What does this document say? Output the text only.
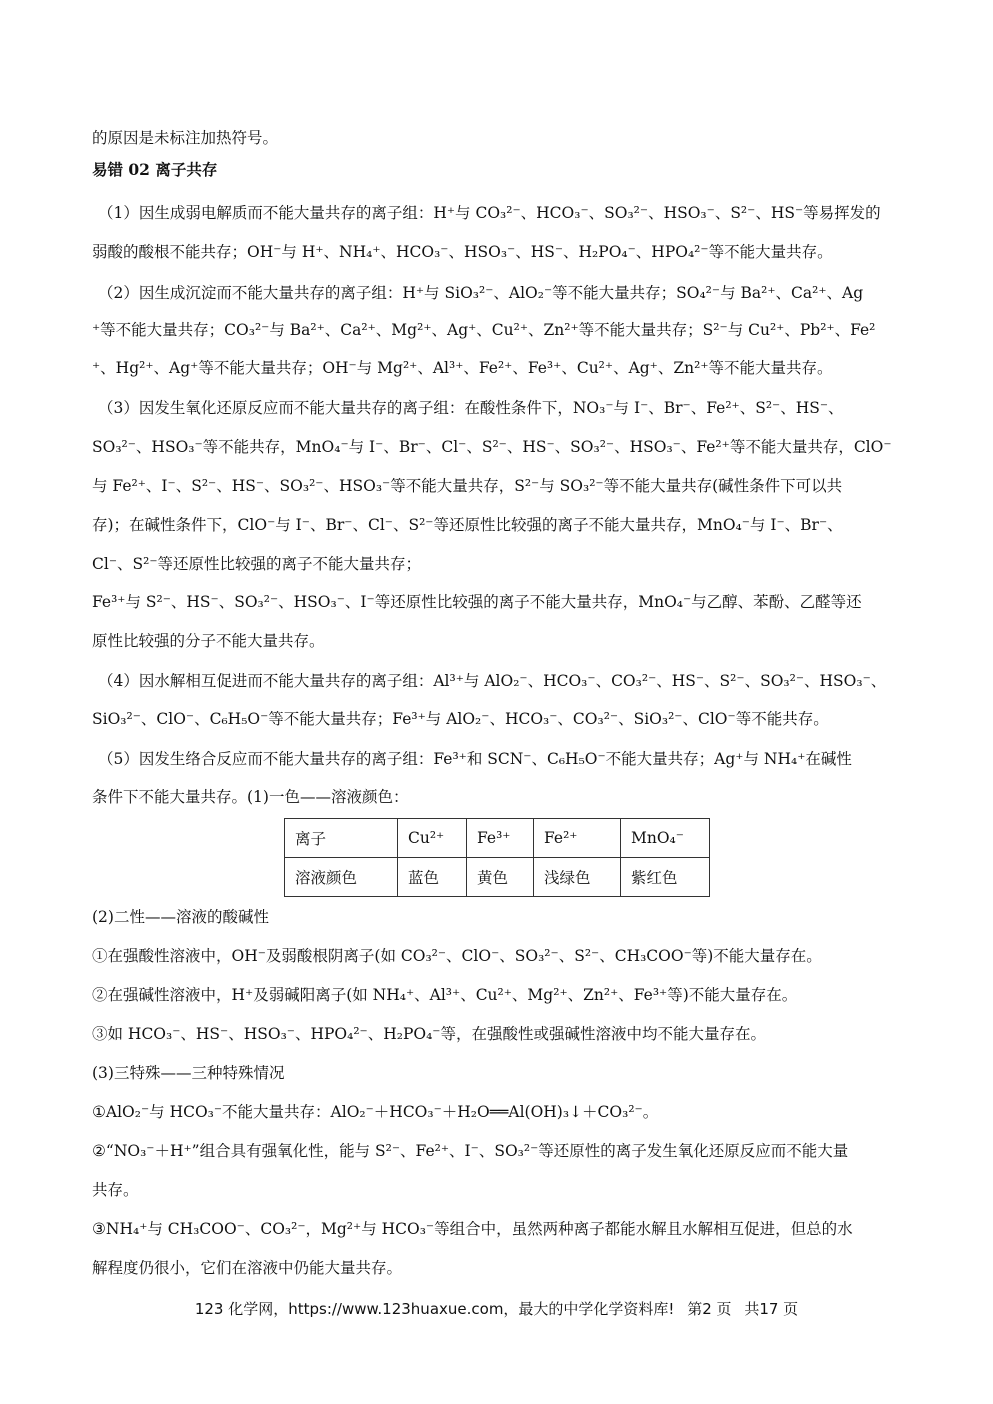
的原因是未标注加热符号。
易错 02 离子共存
（1）因生成弱电解质而不能大量共存的离子组：H⁺与 CO₃²⁻、HCO₃⁻、SO₃²⁻、HSO₃⁻、S²⁻、HS⁻等易挥发的
弱酸的酸根不能共存；OH⁻与 H⁺、NH₄⁺、HCO₃⁻、HSO₃⁻、HS⁻、H₂PO₄⁻、HPO₄²⁻等不能大量共存。
（2）因生成沉淀而不能大量共存的离子组：H⁺与 SiO₃²⁻、AlO₂⁻等不能大量共存；SO₄²⁻与 Ba²⁺、Ca²⁺、Ag
⁺等不能大量共存；CO₃²⁻与 Ba²⁺、Ca²⁺、Mg²⁺、Ag⁺、Cu²⁺、Zn²⁺等不能大量共存；S²⁻与 Cu²⁺、Pb²⁺、Fe²
⁺、Hg²⁺、Ag⁺等不能大量共存；OH⁻与 Mg²⁺、Al³⁺、Fe²⁺、Fe³⁺、Cu²⁺、Ag⁺、Zn²⁺等不能大量共存。
（3）因发生氧化还原反应而不能大量共存的离子组：在酸性条件下，NO₃⁻与 I⁻、Br⁻、Fe²⁺、S²⁻、HS⁻、
SO₃²⁻、HSO₃⁻等不能共存，MnO₄⁻与 I⁻、Br⁻、Cl⁻、S²⁻、HS⁻、SO₃²⁻、HSO₃⁻、Fe²⁺等不能大量共存，ClO⁻
与 Fe²⁺、I⁻、S²⁻、HS⁻、SO₃²⁻、HSO₃⁻等不能大量共存，S²⁻与 SO₃²⁻等不能大量共存(碱性条件下可以共
存)；在碱性条件下，ClO⁻与 I⁻、Br⁻、Cl⁻、S²⁻等还原性比较强的离子不能大量共存，MnO₄⁻与 I⁻、Br⁻、
Cl⁻、S²⁻等还原性比较强的离子不能大量共存；
Fe³⁺与 S²⁻、HS⁻、SO₃²⁻、HSO₃⁻、I⁻等还原性比较强的离子不能大量共存，MnO₄⁻与乙醇、苯酚、乙醛等还
原性比较强的分子不能大量共存。
（4）因水解相互促进而不能大量共存的离子组：Al³⁺与 AlO₂⁻、HCO₃⁻、CO₃²⁻、HS⁻、S²⁻、SO₃²⁻、HSO₃⁻、
SiO₃²⁻、ClO⁻、C₆H₅O⁻等不能大量共存；Fe³⁺与 AlO₂⁻、HCO₃⁻、CO₃²⁻、SiO₃²⁻、ClO⁻等不能共存。
（5）因发生络合反应而不能大量共存的离子组：Fe³⁺和 SCN⁻、C₆H₅O⁻不能大量共存；Ag⁺与 NH₄⁺在碱性
条件下不能大量共存。(1)一色——溶液颜色：
离子	Cu²⁺	Fe³⁺	Fe²⁺	MnO₄⁻
溶液颜色	蓝色	黄色	浅绿色	紫红色
(2)二性——溶液的酸碱性
①在强酸性溶液中，OH⁻及弱酸根阴离子(如 CO₃²⁻、ClO⁻、SO₃²⁻、S²⁻、CH₃COO⁻等)不能大量存在。
②在强碱性溶液中，H⁺及弱碱阳离子(如 NH₄⁺、Al³⁺、Cu²⁺、Mg²⁺、Zn²⁺、Fe³⁺等)不能大量存在。
③如 HCO₃⁻、HS⁻、HSO₃⁻、HPO₄²⁻、H₂PO₄⁻等，在强酸性或强碱性溶液中均不能大量存在。
(3)三特殊——三种特殊情况
①AlO₂⁻与 HCO₃⁻不能大量共存：AlO₂⁻＋HCO₃⁻＋H₂O══Al(OH)₃↓＋CO₃²⁻。
②“NO₃⁻＋H⁺”组合具有强氧化性，能与 S²⁻、Fe²⁺、I⁻、SO₃²⁻等还原性的离子发生氧化还原反应而不能大量
共存。
③NH₄⁺与 CH₃COO⁻、CO₃²⁻，Mg²⁺与 HCO₃⁻等组合中，虽然两种离子都能水解且水解相互促进，但总的水
解程度仍很小，它们在溶液中仍能大量共存。
123 化学网，https://www.123huaxue.com，最大的中学化学资料库! 第2 页 共17 页
